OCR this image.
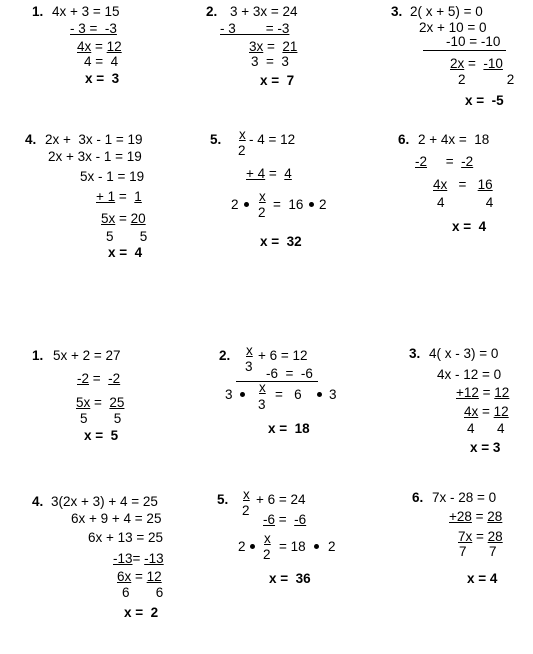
1. 4x + 3 = 15
- 3 =  -3
4x = 12
4 =  4
x =  3
2. 3 + 3x = 24
- 3        = -3
3x =  21
3  =  3
x =  7
3. 2( x + 5) = 0
2x + 10 = 0
-10 = -10
2x =  -10
2           2
x =  -5
4. 2x +  3x - 1 = 19
2x + 3x - 1 = 19
5x - 1 = 19
+ 1 =  1
5x = 20
5       5
x =  4
5. x
2
- 4 = 12
+ 4 =  4
2
x
2
=  16 2
x =  32
6. 2 + 4x =  18
-2     =  -2
4x   =   16
4           4
x =  4
1. 5x + 2 = 27
-2 =  -2
5x =  25
5       5
x =  5
2. x
3
+ 6 = 12
-6  =  -6
3 x
3
=   6 3
x =  18
3. 4( x - 3) = 0
4x - 12 = 0
+12 = 12
4x = 12
4      4
x = 3
4. 3(2x + 3) + 4 = 25
6x + 9 + 4 = 25
6x + 13 = 25
-13= -13
6x = 12
6       6
x =  2
5. x
2
+ 6 = 24
-6 =  -6
2
x
2
= 18 2
x =  36
6. 7x - 28 = 0
+28 = 28
7x = 28
7      7
x = 4
